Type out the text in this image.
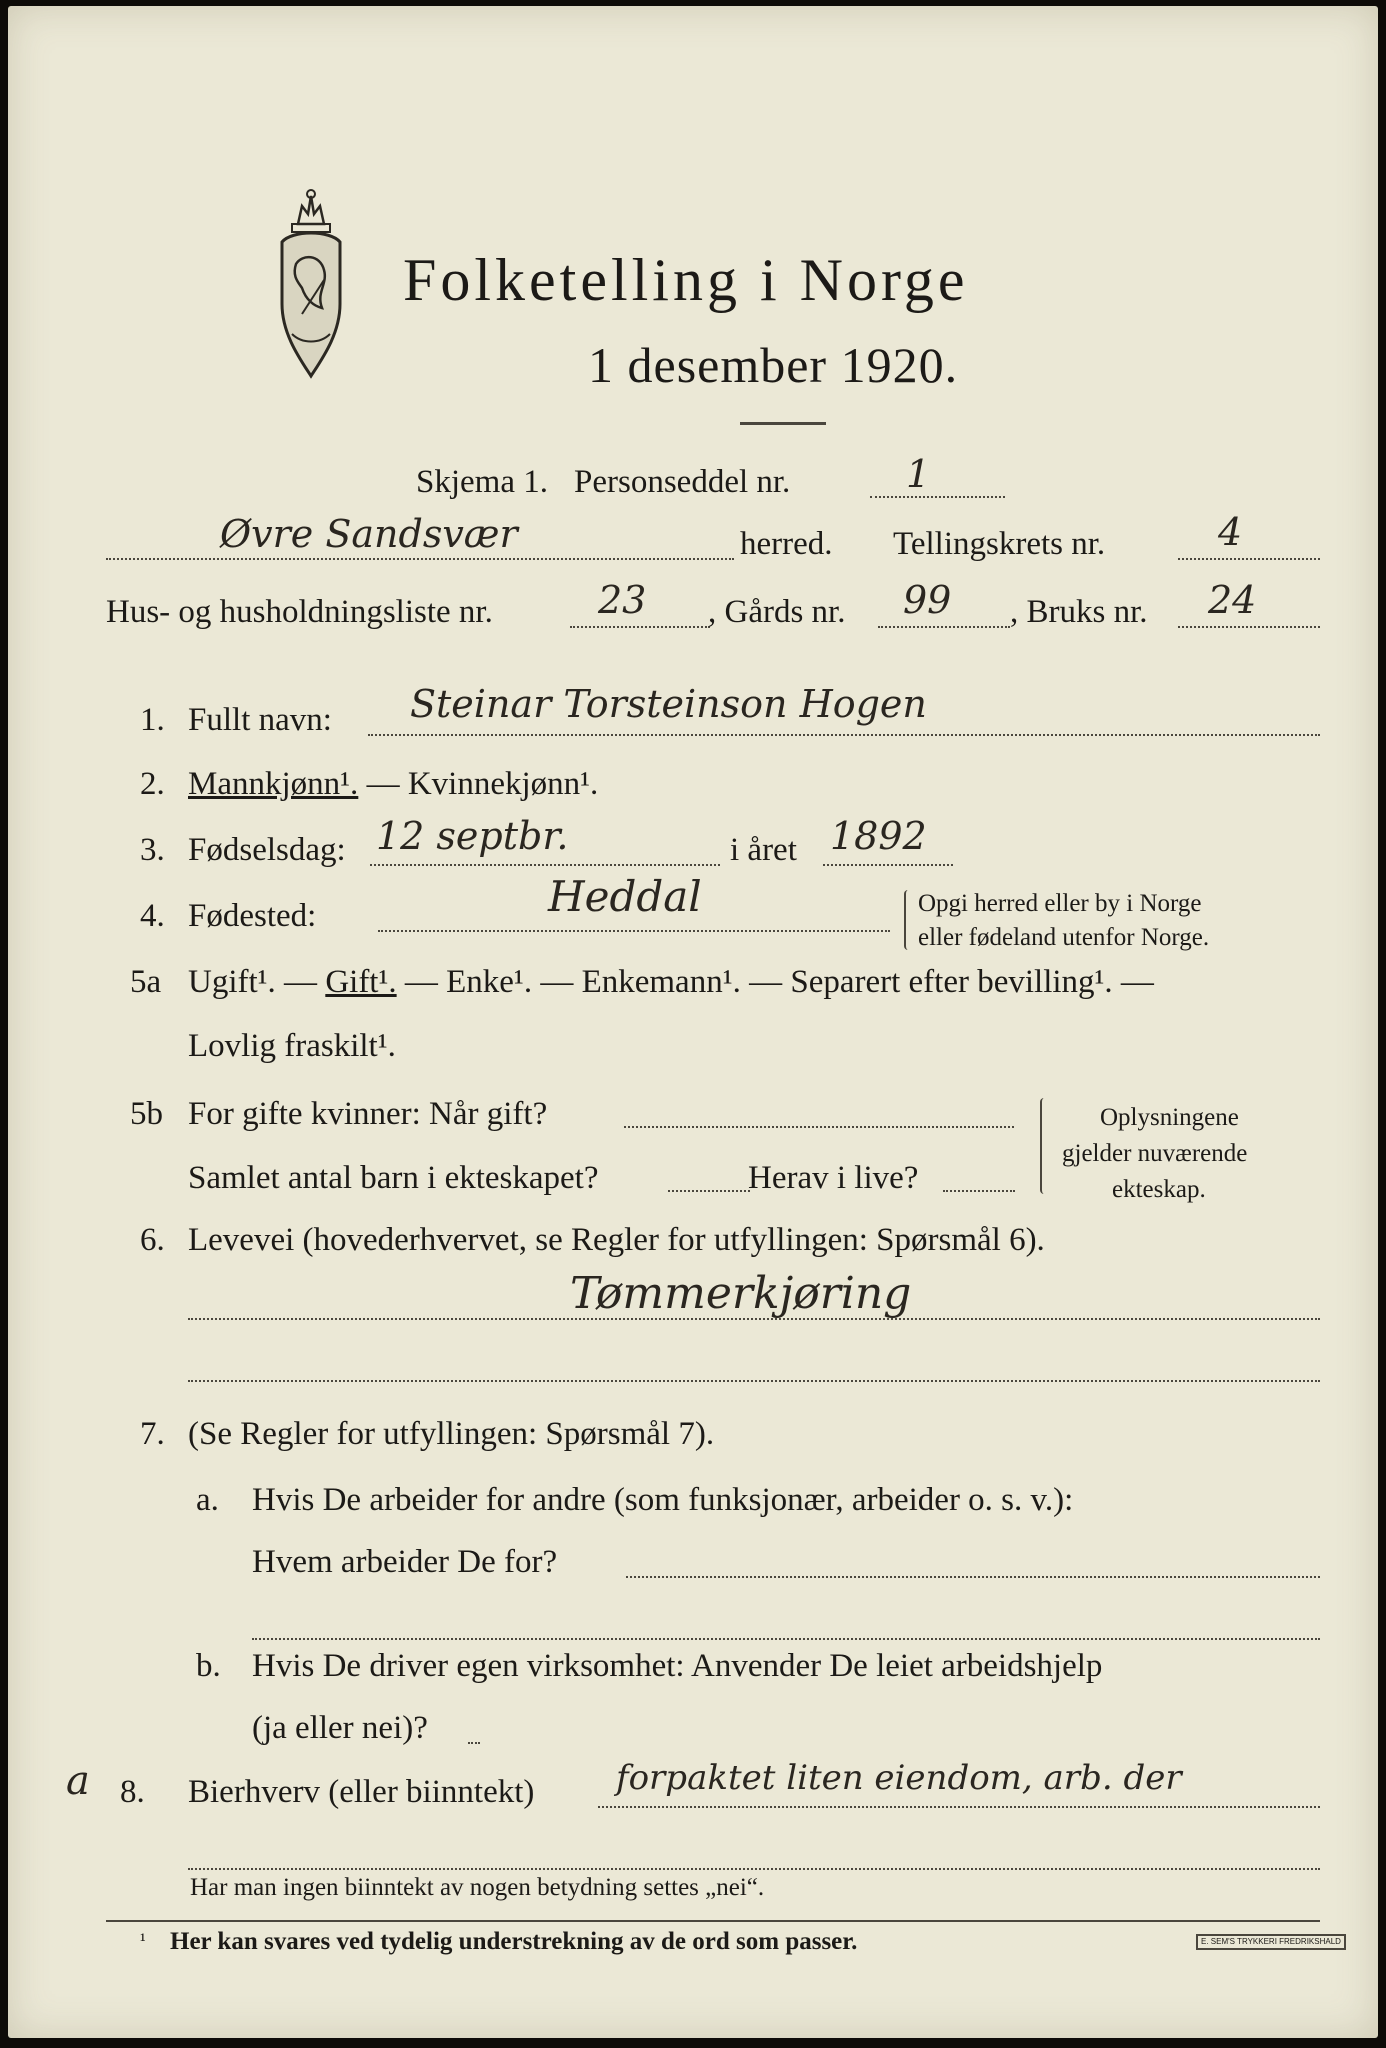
Folketelling i Norge
1 desember 1920.
Skjema 1. Personseddel nr.	1
Øvre Sandsvær	herred. Tellingskrets nr.	4
Hus- og husholdningsliste nr.	23 , Gårds nr. 99 , Bruks nr. 24
1. Fullt navn: Steinar Torsteinson Hogen
2. Mannkjønn¹. — Kvinnekjønn¹.
3. Fødselsdag: 12 septbr.	i året 1892
4. Fødested:	Heddal	Opgi herred eller by i Norge
eller fødeland utenfor Norge.
5a Ugift¹. — Gift¹. — Enke¹. — Enkemann¹. — Separert efter bevilling¹. —
Lovlig fraskilt¹.
5b For gifte kvinner: Når gift?
Samlet antal barn i ekteskapet?	Herav i live?
Oplysningene
gjelder nuværende
ekteskap.
6. Levevei (hovederhvervet, se Regler for utfyllingen: Spørsmål 6).
Tømmerkjøring
7. (Se Regler for utfyllingen: Spørsmål 7).
a. Hvis De arbeider for andre (som funksjonær, arbeider o. s. v.):
Hvem arbeider De for?
b. Hvis De driver egen virksomhet: Anvender De leiet arbeidshjelp
(ja eller nei)?
a 8. Bierhverv (eller biinntekt) forpaktet liten eiendom, arb. der
Har man ingen biinntekt av nogen betydning settes „nei“.
¹ Her kan svares ved tydelig understrekning av de ord som passer.	E. SEM'S TRYKKERI FREDRIKSHALD
